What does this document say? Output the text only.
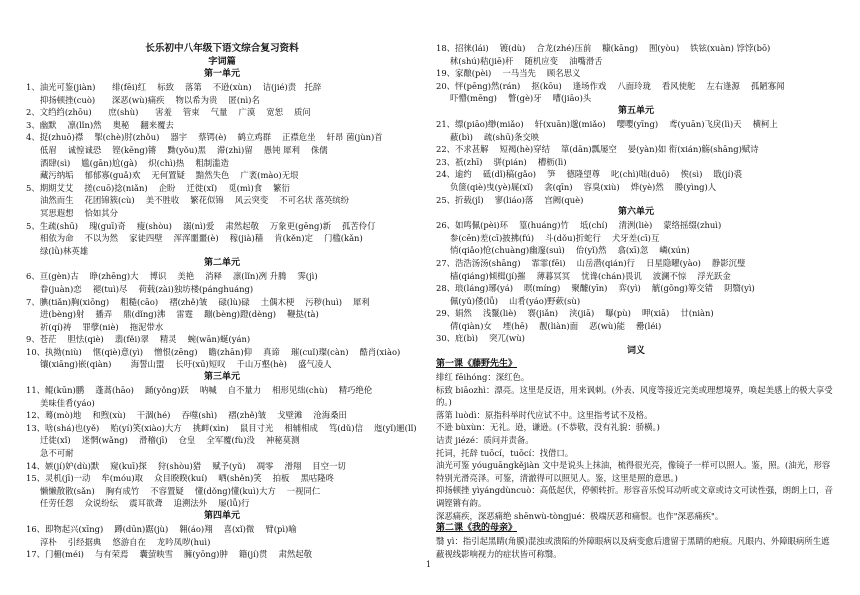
长乐初中八年级下语文综合复习资料
字词篇
第一单元
1、油光可鉴(jiàn)　　绯(fēi)红　 标致　 落第　 不逊(xùn)　 诘(jié)责　托辞
抑扬顿挫(cuò)　　深恶(wù)痛疾　 物以希为贵　 匿(nì)名
2、文绉绉(zhōu)　　庶(shù)　　害羞　 管束　 气量　 广漠　 宽恕　 质问
3、幽默　 凛(lǐn)然　 奥秘　 翻来覆去
4、捉(zhuō)襟　 掣(chè)肘(zhǒu)　 器宇　 蔡锷(è)　 鹤立鸡群　 正襟危坐　 轩昂 菌(jùn)首
低眉　 诚惶诚恐　 铿(kēng)锵　 黝(yǒu)黑　 滞(zhì)留　 愚钝 犀利　 侏儒
酒肆(sì)　 尴(gān)尬(gà)　 炽(chì)热　 粗制滥造
藏污纳垢　 郁郁寡(guǎ)欢　 无何置疑　 黯然失色　 广袤(mào)无垠
5、期期艾艾　 搓(cuō)捻(niǎn)　 企盼　 迁徙(xǐ)　 觅(mì)食　 繁衍
油然而生　 花团锦簇(cù)　 美不胜收　 繁花似锦　 风云突变　 不可名状 落英缤纷
冥思遐想　 恰如其分
5、生疏(shū)　 瑰(guī)奇　 瘦(shòu)　 溺(nì)爱　 肃然起敬　 万象更(gēng)新　 孤苦伶仃
相依为命　 不以为然　 家徒四壁　 浑浑噩噩(è)　 稼(jià)穑　 肯(kěn)定　 门槛(kǎn)
绿(lǜ)林英雄
第二单元
6、亘(gèn)古　 睁(zhēng)大　 博识　 美艳　 消释　 凛(lǐn)冽 升腾　 霁(jì)
眷(juàn)恋　 褪(tuì)尽　 荷载(zài)独坊楼(pánghuáng)
7、腆(tiǎn)胸(xiōng)　 粗糙(cāo)　 褶(zhě)皱　 碌(lù)碌　 土偶木梗　 污秽(huì)　 犀利
进(bèng)射　 播弄　 鼎(dǐng)沸　 雷霆　 蹦(bèng)蹬(dèng)　 鞭挞(tà)
祈(qí)祷　 罪孽(niè)　 拖泥带水
9、苍茫　 胆怯(qiè)　 翡(fěi)翠　 精灵　 蜿(wān)蜒(yán)
10、执拗(niù)　 惬(qiè)意(yì)　 憎恨(zēng)　 瞻(zhān)仰　 真谛　 璀(cuǐ)璨(càn)　 酷肖(xiào)
镶(xiāng)嵌(qiàn)　　 海誓山盟　 长吁(xū)短叹　 千山万壑(hè)　 盛气凌人
第三单元
11、鲲(kūn)鹏　 蓬蒿(hāo)　 踊(yǒng)跃　 呐喊　 自不量力　 相形见绌(chù)　 精巧绝伦
美味佳肴(yáo)
12、蓦(mò)地　 和煦(xù)　 干涸(hé)　 吞噬(shì)　 褶(zhě)皱　 戈壁滩　 沧海桑田
13、啥(shá)也(yě)　 贻(yí)笑(xiào)大方　 挑衅(xìn)　 鼠目寸光　 相辅相成　 笃(dǔ)信　 迤(yǐ)逦(lǐ)
迁徙(xǐ)　 迷惘(wǎng)　 滑稽(jī)　 仓皇　 全军覆(fù)没　 神秘莫测
急不可耐
14、嫉(jí)妒(dù)默　 窥(kuī)探　 狩(shòu)猎　 赋予(yǔ)　 凋零　 滑翔　 目空一切
15、灵机(jī)一动　 牟(móu)取　 众目睽睽(kuí)　 哂(shěn)笑　 拍板　 黑咕隆咚
懒懒散散(sǎn)　 胸有成竹　 不容置疑　 懂(dǒng)懂(kuì)大方　 一视同仁
任劳任怨　 众说纷纭　 震耳欲聋　 追溯法外　 屡(lǚ)行
第四单元
16、即物起兴(xīng)　 蹲(dūn)踞(jù)　 翱(áo)翔　 喜(xǐ)微　 臂(pì)喻
淳朴　 引经据典　 悠游自在　 龙吟凤哕(huì)
17、门楣(méi)　 与有荣焉　 囊萤映雪　 臃(yōng)肿　 籍(jí)贯　 肃然起敬
18、招徕(lái)　 镀(dù)　 合龙(zhé)压前　 糠(kāng)　 囿(yòu)　 铁铉(xuàn) 饽饽(bō)
秫(shú)秸(jiē)秆　 随机应变　 油嘴滑舌
19、家酿(pèi)　 一马当先　 顾名思义
20、怦(pēng)然(rán)　 抠(kōu)　 逢场作戏　 八面玲珑　 看风使舵　 左右逢源　 孤陋寡闻
吓懵(mēng)　 瞥(gè)牙　 嘈(jiāo)头
第五单元
21、缥(piāo)缈(miǎo)　 轩(xuān)邈(miǎo)　 嘤嘤(yīng)　 鸢(yuān)飞戾(lì)天　 横柯上
蔽(bì)　 疏(shū)条交映
22、不求甚解　 短褐(hè)穿结　 箪(dān)瓢屡空　 晏(yàn)如 衔(xián)觞(shāng)赋诗
23、祇(zhī)　 骈(pián)　 槽枥(lì)
24、逾约　 砥(dǐ)稿(gǎo)　 笋　 德隆望尊　 叱(chì)咄(duō)　 俟(sì)　 戢(jí)裘
负箧(qiè)曳(yè)屣(xǐ)　 衾(qīn)　 容臭(xiù)　 烨(yè)然　 媵(yìng)人
25、折载(jǐ)　 寥(liáo)落　 宫阙(què)
第六单元
26、如鸣佩(pèi)环　 篁(huáng)竹　 坻(chí)　 清洌(liè)　 蒙络摇缀(zhuì)
参(cēn)差(cī)披拂(fú)　 斗(dǒu)折蛇行　 犬牙差(cī)互
悄(qiǎo)怆(chuàng)幽邃(suì)　 佁(yǐ)然　 翕(xī)忽　 嶙(xún)
27、浩浩汤汤(shāng)　 霏霏(fēi)　 山岳潜(qián)行　 日星隐曜(yào)　 静影沉璧
樯(qiáng)倾楫(jí)摧　 薄暮冥冥　 忧谗(chán)畏讥　 波澜不惊　 浮光跃金
28、琅(láng)琊(yá)　 暝(míng)　 聚醵(yīn)　 弈(yì)　 觥(gōng)筹交错　 阴翳(yì)
佩(yǔ)偻(lǚ)　 山肴(yáo)野蔌(sù)
29、娟然　 浅鬣(liè)　 褰(jiǎn)　 浃(jiā)　 曝(pù)　 呷(xiā)　 廿(niàn)
倩(qiàn)女　 堙(hē)　 靓(liàn)面　 恶(wù)能　 罍(léi)
30、庇(bì)　 突兀(wù)
词义
第一课《藤野先生》
绯红 fēihóng：深红色。
标致 biāozhì：漂亮。这里是反语，用来讽刺。(外表、风度等接近完美或理想境界，唤起美感上的极大享受的。)
落第 luòdì：原指科举时代应试不中。这里指考试不及格。
不逊 bùxùn：无礼。逊，谦逊。(不恭敬，没有礼貌：骄横。)
诘责 jiézé：质问并责备。
托词，托辞 tuōcí，tuōcí：找借口。
油光可鉴 yóuguāngkějiàn 文中是说头上抹油，梳得很光亮，像镜子一样可以照人。鉴，照。(油光，形容特别光滑亮泽。可鉴，清澈得可以照见人。鉴，这里是照的意思。)
抑扬顿挫 yìyángdùncuò：高低起伏，停顿转折。形容音乐悦耳动听或文章或诗文可读性强，朗朗上口，音调铿锵有韵。
深恶痛疾，深恶痛绝 shēnwù-tòngjué：极端厌恶和痛恨。也作"深恶痛疾"。
第二课《我的母亲》
翳 yì：指引起黑睛(角膜)混浊或溃陷的外障眼病以及病变愈后遗留于黑睛的疤痕。凡眼内、外障眼病所生遮蔽视线影响视力的症状皆可称翳。
1
